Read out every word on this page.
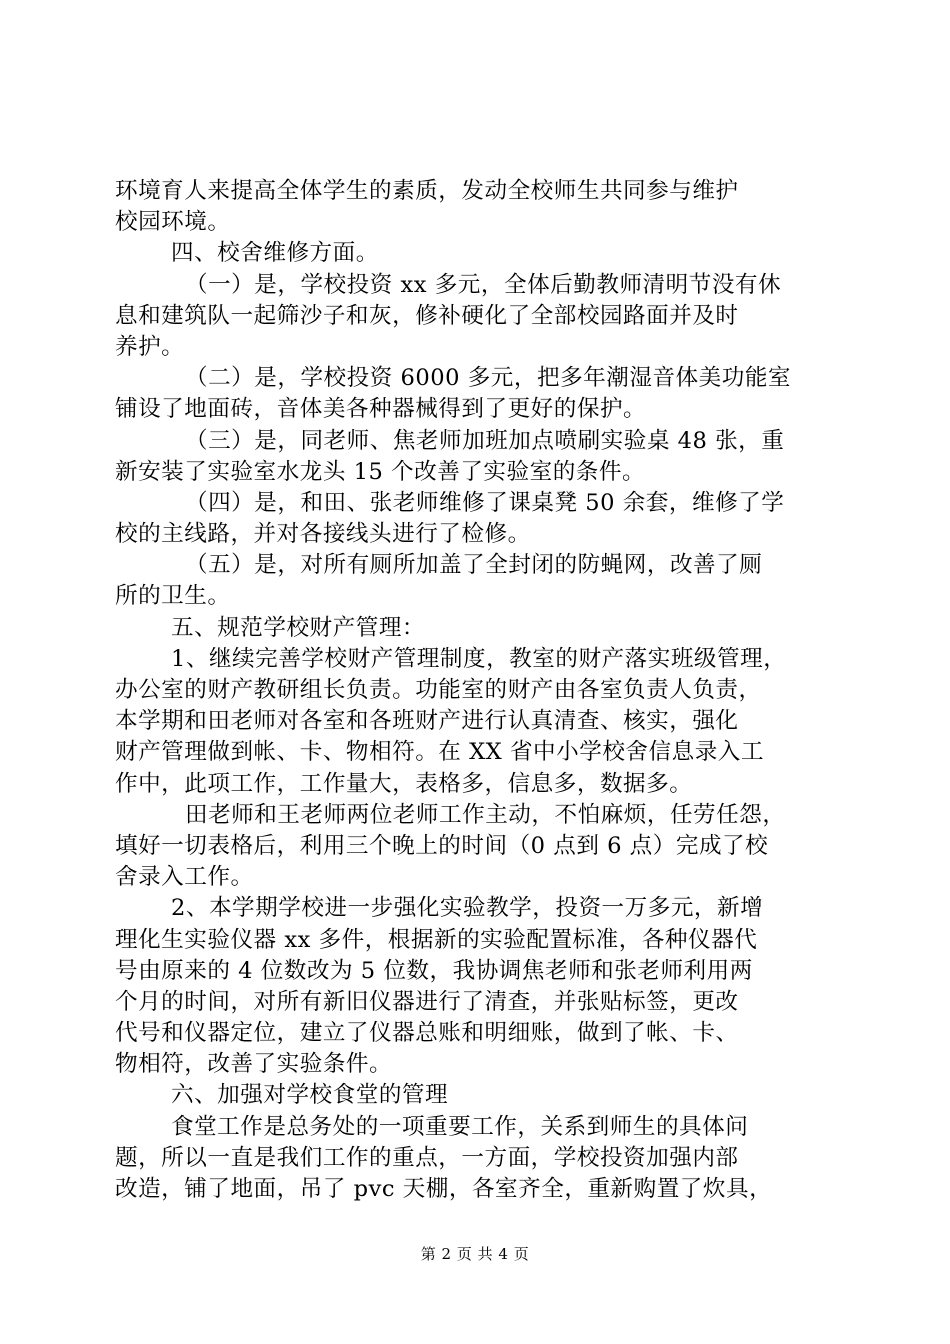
环境育人来提高全体学生的素质，发动全校师生共同参与维护
校园环境。
四、校舍维修方面。
（一）是，学校投资 xx 多元，全体后勤教师清明节没有休
息和建筑队一起筛沙子和灰，修补硬化了全部校园路面并及时
养护。
（二）是，学校投资 6000 多元，把多年潮湿音体美功能室
铺设了地面砖，音体美各种器械得到了更好的保护。
（三）是，同老师、焦老师加班加点喷刷实验桌 48 张，重
新安装了实验室水龙头 15 个改善了实验室的条件。
（四）是，和田、张老师维修了课桌凳 50 余套，维修了学
校的主线路，并对各接线头进行了检修。
（五）是，对所有厕所加盖了全封闭的防蝇网，改善了厕
所的卫生。
五、规范学校财产管理：
1、继续完善学校财产管理制度，教室的财产落实班级管理，
办公室的财产教研组长负责。功能室的财产由各室负责人负责，
本学期和田老师对各室和各班财产进行认真清查、核实，强化
财产管理做到帐、卡、物相符。在 XX 省中小学校舍信息录入工
作中，此项工作，工作量大，表格多，信息多，数据多。
田老师和王老师两位老师工作主动，不怕麻烦，任劳任怨，
填好一切表格后，利用三个晚上的时间（0 点到 6 点）完成了校
舍录入工作。
2、本学期学校进一步强化实验教学，投资一万多元，新增
理化生实验仪器 xx 多件，根据新的实验配置标准，各种仪器代
号由原来的 4 位数改为 5 位数，我协调焦老师和张老师利用两
个月的时间，对所有新旧仪器进行了清查，并张贴标签，更改
代号和仪器定位，建立了仪器总账和明细账，做到了帐、卡、
物相符，改善了实验条件。
六、加强对学校食堂的管理
食堂工作是总务处的一项重要工作，关系到师生的具体问
题，所以一直是我们工作的重点，一方面，学校投资加强内部
改造，铺了地面，吊了 pvc 天棚，各室齐全，重新购置了炊具，
第 2 页 共 4 页
